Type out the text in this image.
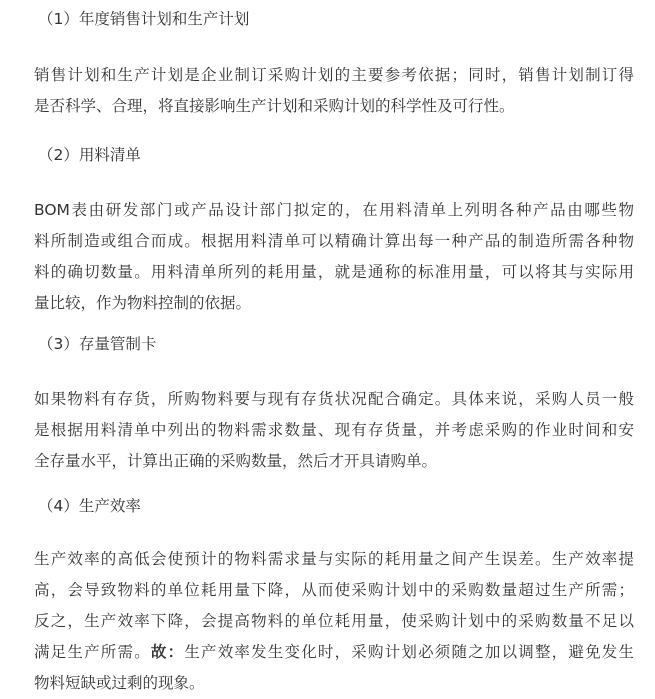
（1）年度销售计划和生产计划
销售计划和生产计划是企业制订采购计划的主要参考依据；同时，销售计划制订得
是否科学、合理，将直接影响生产计划和采购计划的科学性及可行性。
（2）用料清单
BOM表由研发部门或产品设计部门拟定的，在用料清单上列明各种产品由哪些物
料所制造或组合而成。根据用料清单可以精确计算出每一种产品的制造所需各种物
料的确切数量。用料清单所列的耗用量，就是通称的标准用量，可以将其与实际用
量比较，作为物料控制的依据。
（3）存量管制卡
如果物料有存货，所购物料要与现有存货状况配合确定。具体来说，采购人员一般
是根据用料清单中列出的物料需求数量、现有存货量，并考虑采购的作业时间和安
全存量水平，计算出正确的采购数量，然后才开具请购单。
（4）生产效率
生产效率的高低会使预计的物料需求量与实际的耗用量之间产生误差。生产效率提
高，会导致物料的单位耗用量下降，从而使采购计划中的采购数量超过生产所需；
反之，生产效率下降，会提高物料的单位耗用量，使采购计划中的采购数量不足以
满足生产所需。故：生产效率发生变化时，采购计划必须随之加以调整，避免发生
物料短缺或过剩的现象。
